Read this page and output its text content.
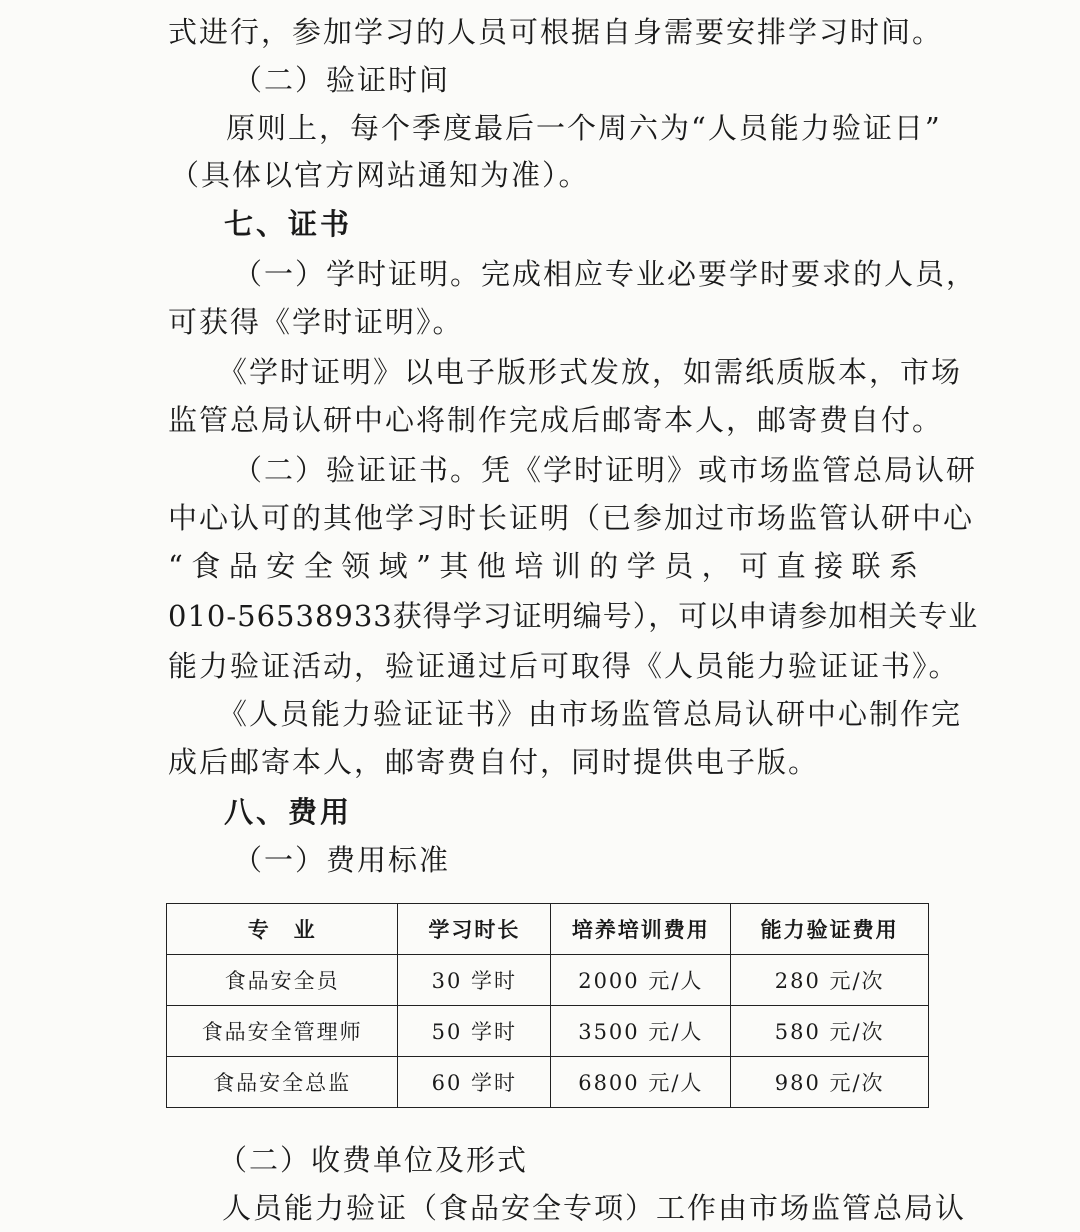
式进行，参加学习的人员可根据自身需要安排学习时间。
（二）验证时间
原则上，每个季度最后一个周六为“人员能力验证日”
（具体以官方网站通知为准）。
七、证书
（一）学时证明。完成相应专业必要学时要求的人员，
可获得《学时证明》。
《学时证明》以电子版形式发放，如需纸质版本，市场
监管总局认研中心将制作完成后邮寄本人，邮寄费自付。
（二）验证证书。凭《学时证明》或市场监管总局认研
中心认可的其他学习时长证明（已参加过市场监管认研中心
“食品安全领域”其他培训的学员，可直接联系
010-56538933获得学习证明编号），可以申请参加相关专业
能力验证活动，验证通过后可取得《人员能力验证证书》。
《人员能力验证证书》由市场监管总局认研中心制作完
成后邮寄本人，邮寄费自付，同时提供电子版。
八、费用
（一）费用标准
专　业	学习时长	培养培训费用	能力验证费用
食品安全员	30 学时	2000 元/人	280 元/次
食品安全管理师	50 学时	3500 元/人	580 元/次
食品安全总监	60 学时	6800 元/人	980 元/次
（二）收费单位及形式
人员能力验证（食品安全专项）工作由市场监管总局认
